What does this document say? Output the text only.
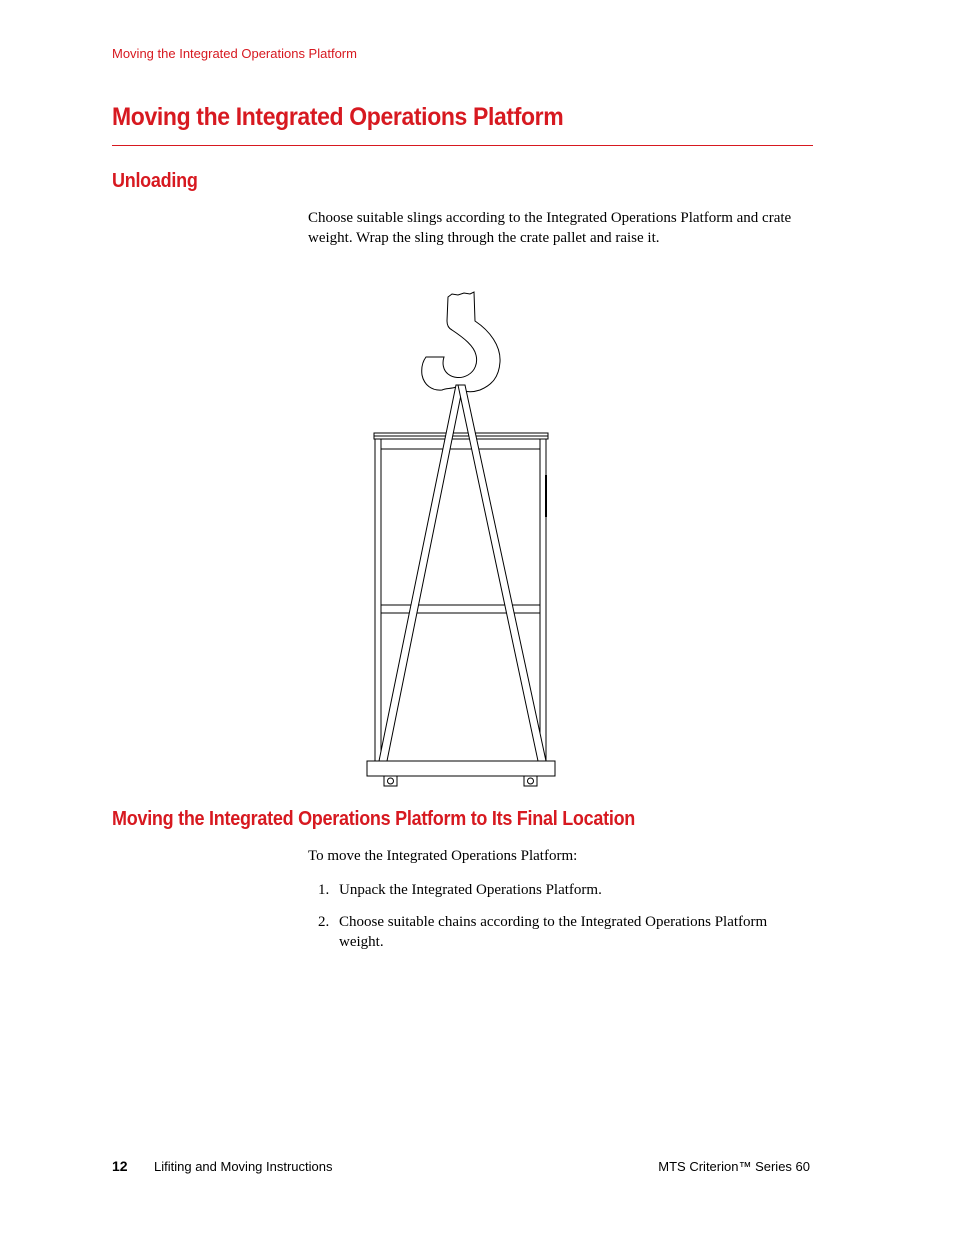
Moving the Integrated Operations Platform
Moving the Integrated Operations Platform
Unloading

Choose suitable slings according to the Integrated Operations Platform and crate weight. Wrap the sling through the crate pallet and raise it.

Moving the Integrated Operations Platform to Its Final Location

To move the Integrated Operations Platform:

1. Unpack the Integrated Operations Platform.
2. Choose suitable chains according to the Integrated Operations Platform weight.
12 Lifiting and Moving Instructions	MTS Criterion™ Series 60
